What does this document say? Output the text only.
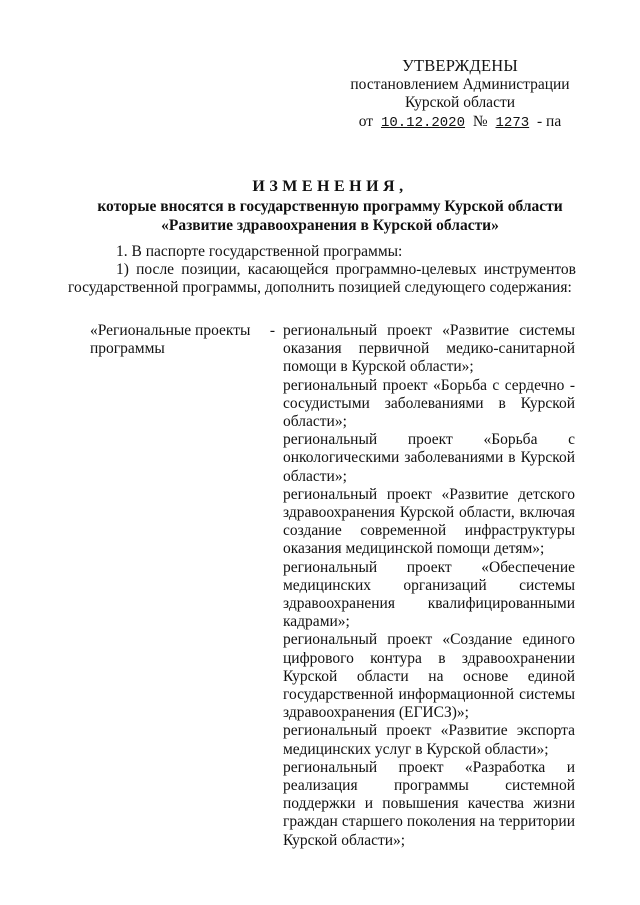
УТВЕРЖДЕНЫ
постановлением Администрации
Курской области
от 10.12.2020 № 1273 - па
ИЗМЕНЕНИЯ,
которые вносятся в государственную программу Курской области
«Развитие здравоохранения в Курской области»

1. В паспорте государственной программы:

1) после позиции, касающейся программно-целевых инструментов государственной программы, дополнить позицией следующего содержания:

«Региональные проекты -
программы

региональный проект «Развитие системы оказания первичной медико-санитарной помощи в Курской области»;

региональный проект «Борьба с сердечно - сосудистыми заболеваниями в Курской области»;

региональный проект «Борьба с онкологическими заболеваниями в Курской области»;

региональный проект «Развитие детского здравоохранения Курской области, включая создание современной инфраструктуры оказания медицинской помощи детям»;

региональный проект «Обеспечение медицинских организаций системы здравоохранения квалифицированными кадрами»;

региональный проект «Создание единого цифрового контура в здравоохранении Курской области на основе единой государственной информационной системы здравоохранения (ЕГИСЗ)»;

региональный проект «Развитие экспорта медицинских услуг в Курской области»;

региональный проект «Разработка и реализация программы системной поддержки и повышения качества жизни граждан старшего поколения на территории Курской области»;
